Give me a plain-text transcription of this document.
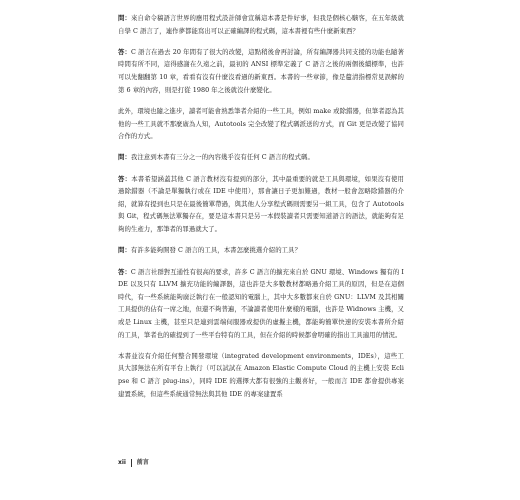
問：來自命令稿語言世界的應用程式設計師會宣稱這本書是件好事，但我是個核心駭客，在五年級就自學 C 語言了，連作夢都能寫出可以正確編譯的程式碼，這本書裡有些什麼新東西？

答：C 語言在過去 20 年間有了很大的改變，這點稍後會再討論，所有編譯器共同支援的功能也隨著時間有所不同，這得感謝在久遠之前，最初的 ANSI 標準定義了 C 語言之後的兩個後續標準，也許可以先翻翻第 10 章，看看有沒有什麼沒看過的新東西。本書的一些章節，像是釐清指標常見誤解的第 6 章的內容，則是打從 1980 年之後就沒什麼變化。

此外，環境也隨之進步，讀者可能會熟悉筆者介紹的一些工具，例如 make 或除錯器，但筆者認為其他的一些工具就不那麼廣為人知，Autotools 完全改變了程式碼派送的方式，而 Git 更是改變了協同合作的方式。

問：我注意到本書有三分之一的內容幾乎沒有任何 C 語言的程式碼。

答：本書希望涵蓋其他 C 語言教材沒有提到的部分，其中最重要的就是工具與環境，如果沒有使用過除錯器（不論是單獨執行或在 IDE 中使用），那會讓日子更加難過，教材一般會忽略除錯器的介紹，就算有提到也只是在最後簡單帶過，與其他人分享程式碼則需要另一組工具，包含了 Autotools 與 Git，程式碼無法單獨存在，要是這本書只是另一本假裝讀者只需要知道語言的語法，就能夠有足夠的生產力，那筆者的罪過就大了。

問：有許多能夠開發 C 語言的工具，本書怎麼挑選介紹的工具？

答：C 語言社群對互通性有很高的要求，許多 C 語言的擴充來自於 GNU 環境、Windows 獨有的 IDE 以及只有 LLVM 擴充功能的編譯器，這也許是大多數教材都略過介紹工具的原因，但是在這個時代，有一些系統能夠廣泛執行在一般認知的電腦上，其中大多數都來自於 GNU：LLVM 及其相關工具提供的佔有一席之地，但還不夠普遍，不論讀者使用什麼樣的電腦，也許是 Widnows 主機，又或是 Linux 主機，甚至只是連到雲端伺服器或提供的虛擬主機，都能夠簡單快速的安裝本書所介紹的工具，筆者也的確提到了一些平台特有的工具，但在介紹的時候都會明確的指出工具適用的情況。

本書並沒有介紹任何整合開發環境（integrated development environments，IDEs），這些工具大部無法在所有平台上執行（可以試試在 Amazon Elastic Compute Cloud 的主機上安裝 Eclipse 和 C 語言 plug-ins），同時 IDE 的選擇大都有很強的主觀喜好，一般而言 IDE 都會提供專案建置系統，但這些系統通常無法與其他 IDE 的專案建置系

xii 前言
